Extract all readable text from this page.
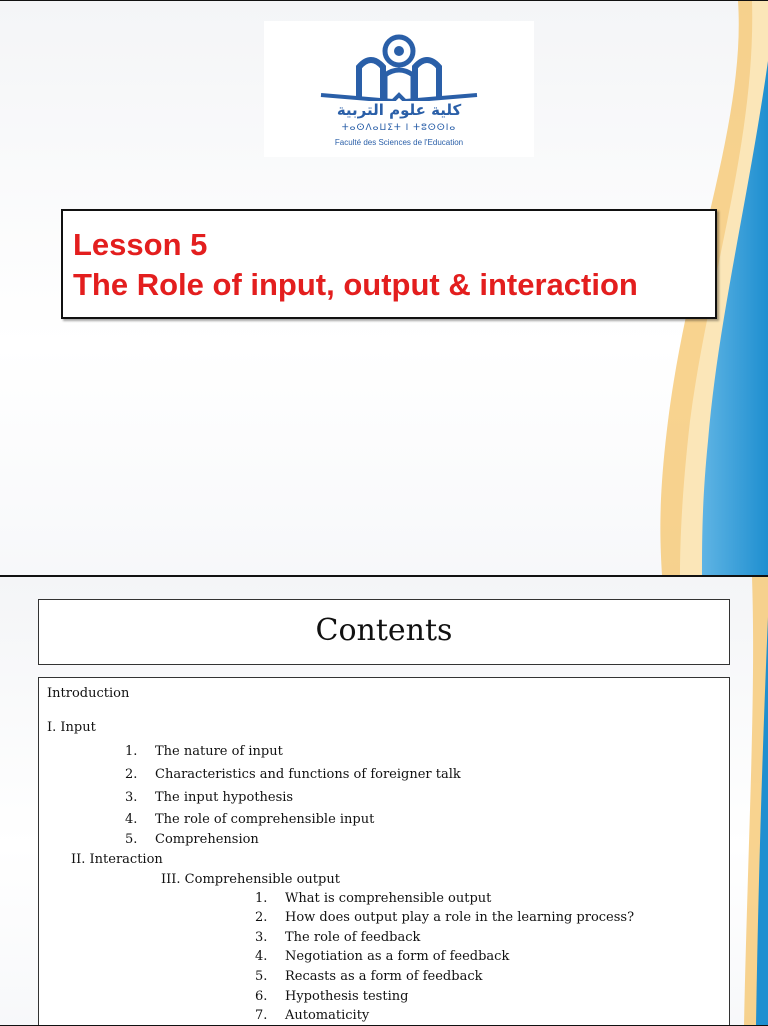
كلية علوم التربية
ⵜⴰⵙⴷⴰⵡⵉⵜ ⵏ ⵜⵓⵙⵙⵏⴰ
Faculté des Sciences de l'Education
Lesson 5
The Role of input, output & interaction
Contents
Introduction
I. Input
1. The nature of input
2. Characteristics and functions of foreigner talk
3. The input hypothesis
4. The role of comprehensible input
5. Comprehension
II. Interaction
III. Comprehensible output
1. What is comprehensible output
2. How does output play a role in the learning process?
3. The role of feedback
4. Negotiation as a form of feedback
5. Recasts as a form of feedback
6. Hypothesis testing
7. Automaticity
